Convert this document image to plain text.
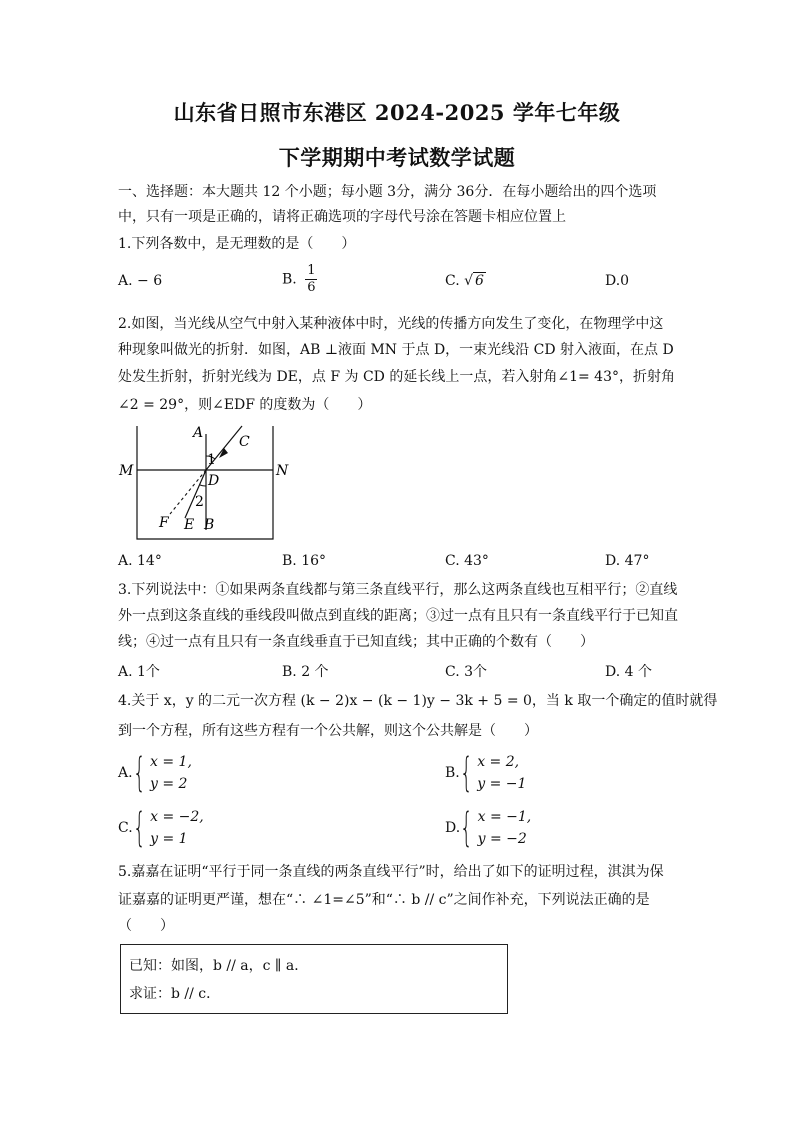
山东省日照市东港区 2024-2025 学年七年级
下学期期中考试数学试题
一、选择题：本大题共 12 个小题；每小题 3分，满分 36分．在每小题给出的四个选项
中，只有一项是正确的，请将正确选项的字母代号涂在答题卡相应位置上
1.下列各数中，是无理数的是（　　）
A. − 6	B. $\frac{1}{6}$	C. √ 6	D.0
2.如图，当光线从空气中射入某种液体中时，光线的传播方向发生了变化，在物理学中这
种现象叫做光的折射．如图，AB ⊥液面 MN 于点 D，一束光线沿 CD 射入液面，在点 D
处发生折射，折射光线为 DE，点 F 为 CD 的延长线上一点，若入射角∠1= 43°，折射角
∠2 = 29°，则∠EDF 的度数为（　　）
A
C
M	N
D
1
2
F E B
A. 14°	B. 16°	C. 43°	D. 47°
3.下列说法中：①如果两条直线都与第三条直线平行，那么这两条直线也互相平行；②直线
外一点到这条直线的垂线段叫做点到直线的距离；③过一点有且只有一条直线平行于已知直
线；④过一点有且只有一条直线垂直于已知直线；其中正确的个数有（　　）
A. 1个	B. 2 个	C. 3个	D. 4 个
4.关于 x，y 的二元一次方程 (k − 2)x − (k − 1)y − 3k + 5 = 0，当 k 取一个确定的值时就得
到一个方程，所有这些方程有一个公共解，则这个公共解是（　　）
A.{ x = 1,
y = 2
B.{ x = 2,
y = −1
C.{ x = −2,
y = 1
D.{ x = −1,
y = −2
5.嘉嘉在证明“平行于同一条直线的两条直线平行”时，给出了如下的证明过程，淇淇为保
证嘉嘉的证明更严谨，想在“∴ ∠1=∠5”和“∴ b // c”之间作补充，下列说法正确的是
（　　）
已知：如图，b // a，c ∥ a．
求证：b // c．
